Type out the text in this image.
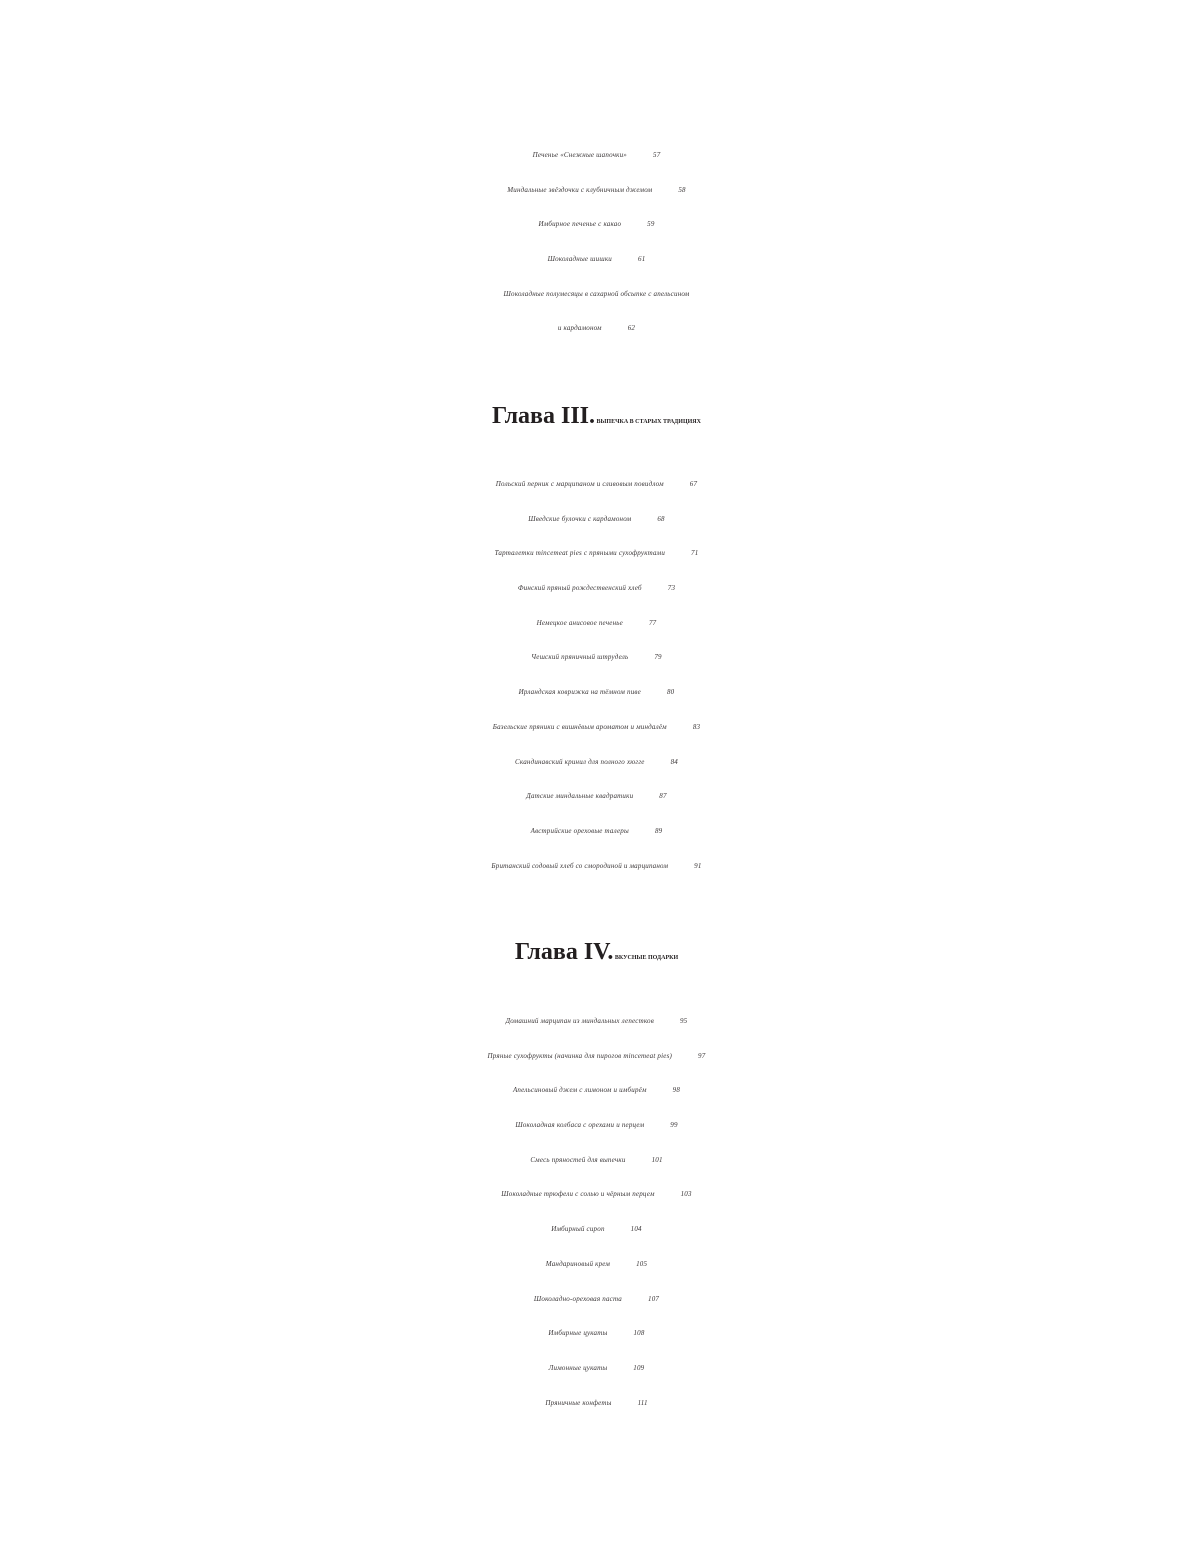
Печенье «Снежные шапочки»	57
Миндальные звёздочки с клубничным джемом	58
Имбирное печенье с какао	59
Шоколадные шишки	61
Шоколадные полумесяцы в сахарной обсыпке с апельсином
и кардамоном	62
Глава III. ВЫПЕЧКА В СТАРЫХ ТРАДИЦИЯХ
Польский перник с марципаном и сливовым повидлом	67
Шведские булочки с кардамоном	68
Тарталетки mincemeat pies с пряными сухофруктами	71
Финский пряный рождественский хлеб	73
Немецкое анисовое печенье	77
Чешский пряничный штрудель	79
Ирландская коврижка на тёмном пиве	80
Базельские пряники с вишнёвым ароматом и миндалём	83
Скандинавский кринил для полного хюгге	84
Датские миндальные квадратики	87
Австрийские ореховые талеры	89
Британский содовый хлеб со смородиной и марципаном	91
Глава IV. ВКУСНЫЕ ПОДАРКИ
Домашний марципан из миндальных лепестков	95
Пряные сухофрукты (начинка для пирогов mincemeat pies)	97
Апельсиновый джем с лимоном и имбирём	98
Шоколадная колбаса с орехами и перцем	99
Смесь пряностей для выпечки	101
Шоколадные трюфели с солью и чёрным перцем	103
Имбирный сироп	104
Мандариновый крем	105
Шоколадно-ореховая паста	107
Имбирные цукаты	108
Лимонные цукаты	109
Пряничные конфеты	111
